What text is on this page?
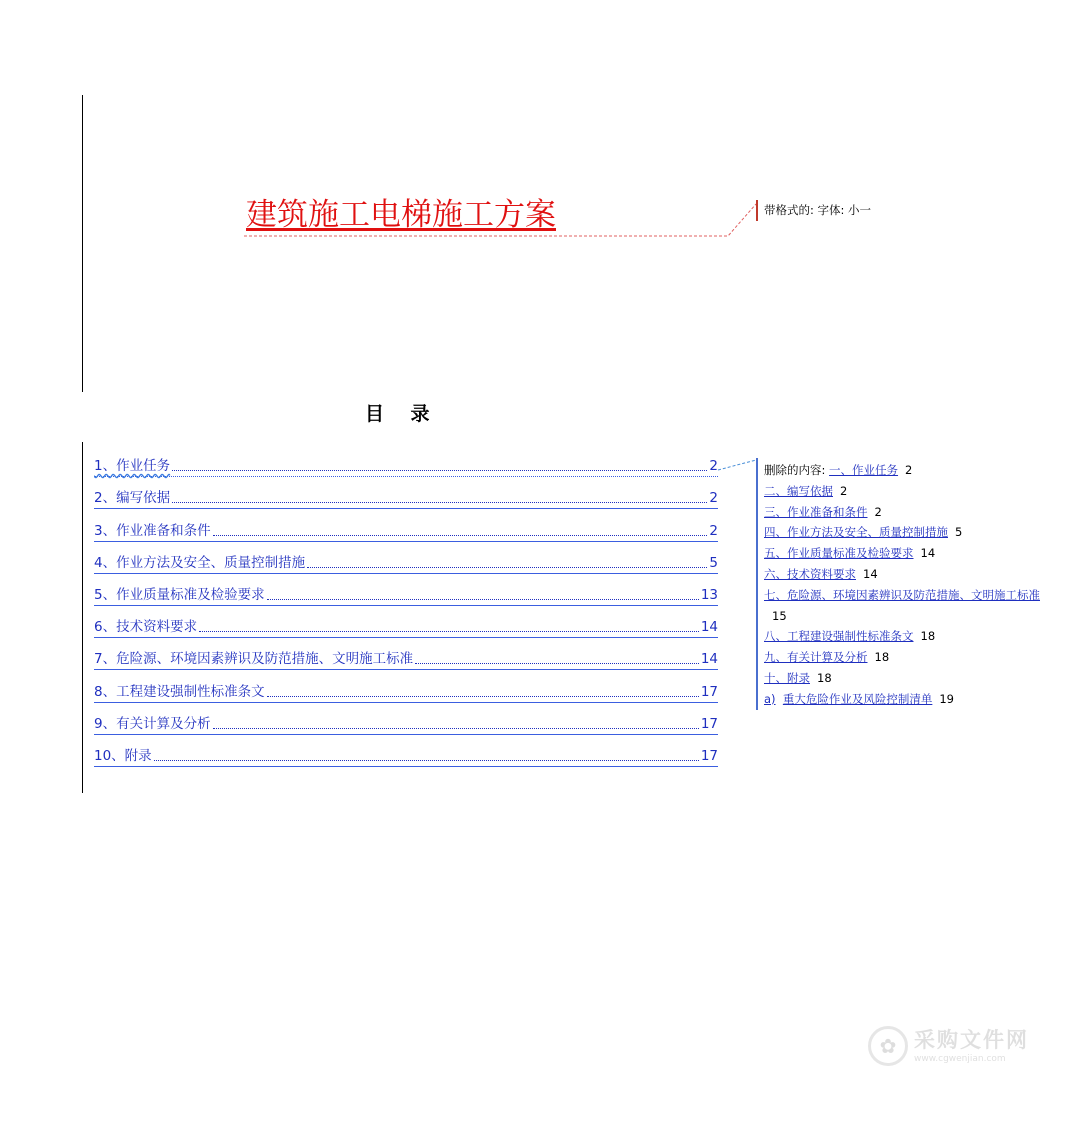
建筑施工电梯施工方案	带格式的: 字体: 小一
目    录
1、作业任务	2
2、编写依据	2
3、作业准备和条件	2
4、作业方法及安全、质量控制措施	5
5、作业质量标准及检验要求	13
6、技术资料要求	14
7、危险源、环境因素辨识及防范措施、文明施工标准	14
8、工程建设强制性标准条文	17
9、有关计算及分析	17
10、附录	17
删除的内容: 一、作业任务 2
二、编写依据 2
三、作业准备和条件 2
四、作业方法及安全、质量控制措施 5
五、作业质量标准及检验要求 14
六、技术资料要求 14
七、危险源、环境因素辨识及防范措施、文明施工标准
15
八、工程建设强制性标准条文 18
九、有关计算及分析 18
十、附录 18
a) 重大危险作业及风险控制清单 19
✿ 采购文件网
www.cgwenjian.com
